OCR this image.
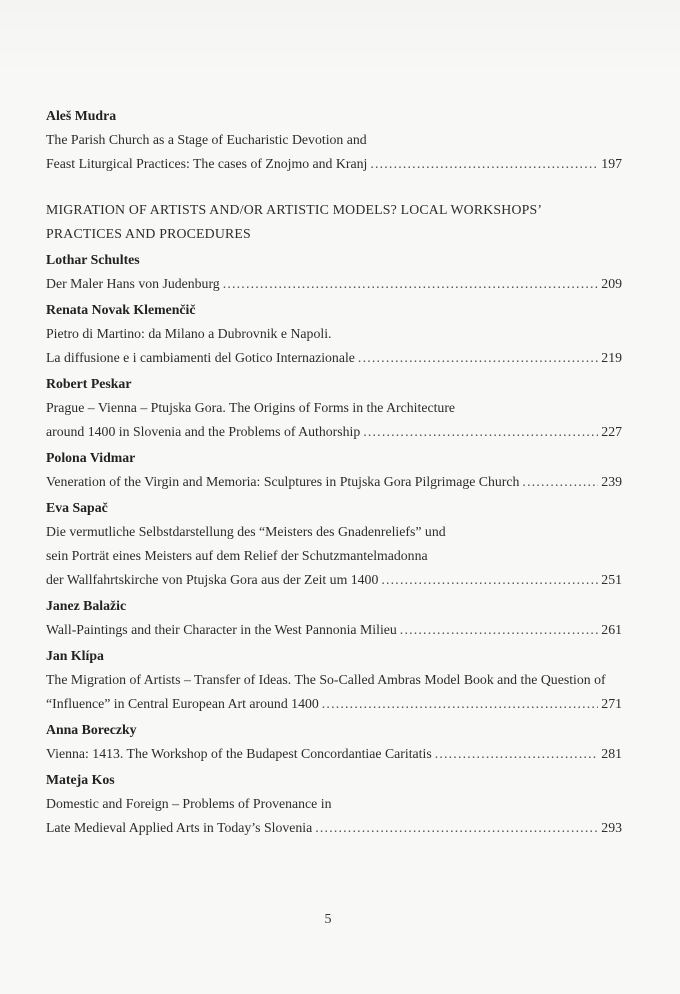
Aleš Mudra

The Parish Church as a Stage of Eucharistic Devotion and

Feast Liturgical Practices: The cases of Znojmo and Kranj .....	197

MIGRATION OF ARTISTS AND/OR ARTISTIC MODELS? LOCAL WORKSHOPS’

PRACTICES AND PROCEDURES

Lothar Schultes

Der Maler Hans von Judenburg .....	209

Renata Novak Klemenčič

Pietro di Martino: da Milano a Dubrovnik e Napoli.

La diffusione e i cambiamenti del Gotico Internazionale .....	219

Robert Peskar

Prague – Vienna – Ptujska Gora. The Origins of Forms in the Architecture

around 1400 in Slovenia and the Problems of Authorship .....	227

Polona Vidmar

Veneration of the Virgin and Memoria: Sculptures in Ptujska Gora Pilgrimage Church .....	239

Eva Sapač

Die vermutliche Selbstdarstellung des “Meisters des Gnadenreliefs” und

sein Porträt eines Meisters auf dem Relief der Schutzmantelmadonna

der Wallfahrtskirche von Ptujska Gora aus der Zeit um 1400 .....	251

Janez Balažic

Wall-Paintings and their Character in the West Pannonia Milieu .....	261

Jan Klípa

The Migration of Artists – Transfer of Ideas. The So-Called Ambras Model Book and the Question of

“Influence” in Central European Art around 1400 .....	271

Anna Boreczky

Vienna: 1413. The Workshop of the Budapest Concordantiae Caritatis .....	281

Mateja Kos

Domestic and Foreign – Problems of Provenance in

Late Medieval Applied Arts in Today’s Slovenia .....	293

5
